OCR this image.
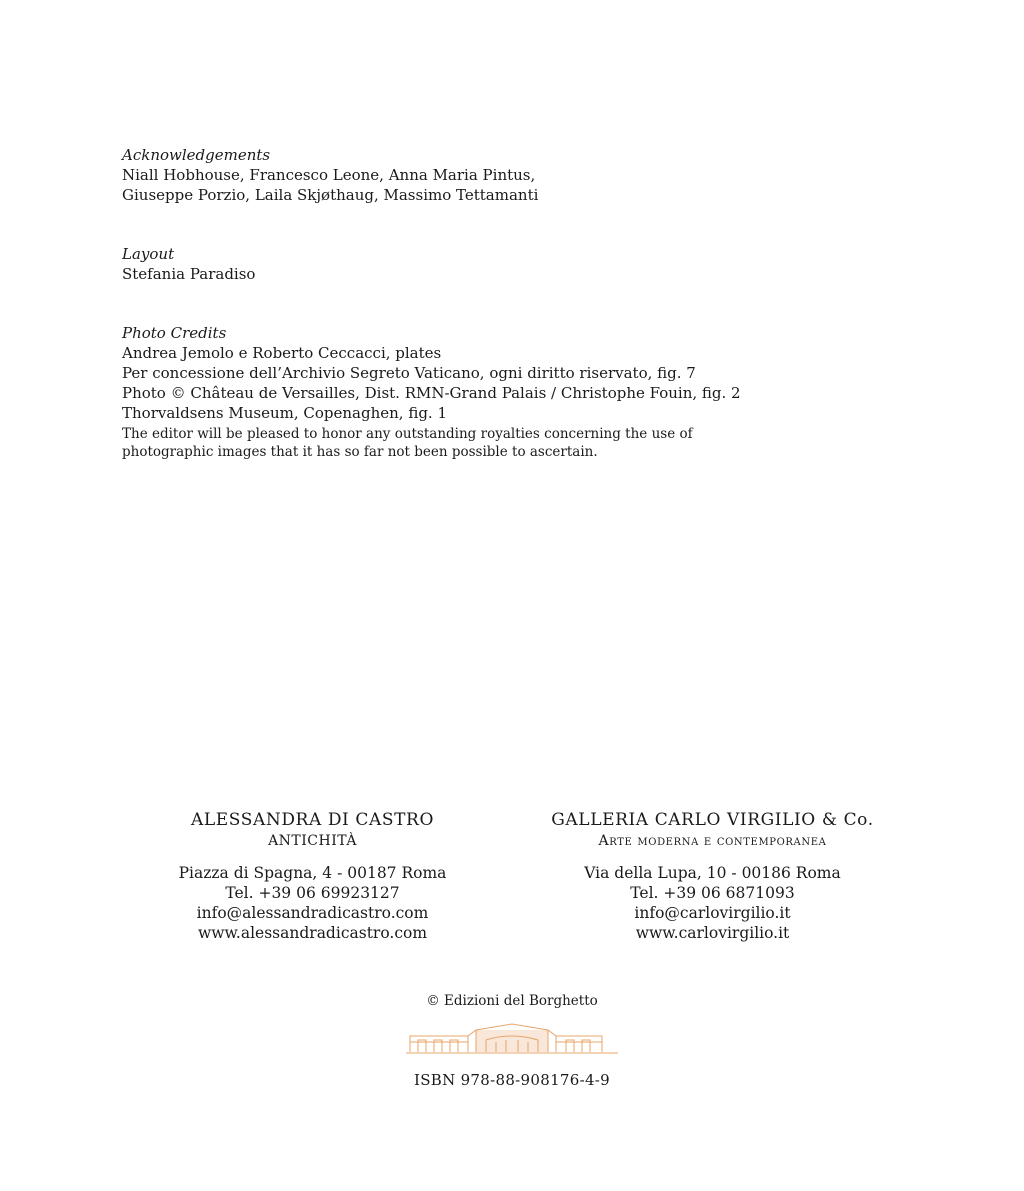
Acknowledgements
Niall Hobhouse, Francesco Leone, Anna Maria Pintus,
Giuseppe Porzio, Laila Skjøthaug, Massimo Tettamanti
Layout
Stefania Paradiso
Photo Credits
Andrea Jemolo e Roberto Ceccacci, plates
Per concessione dell’Archivio Segreto Vaticano, ogni diritto riservato, fig. 7
Photo © Château de Versailles, Dist. RMN-Grand Palais / Christophe Fouin, fig. 2
Thorvaldsens Museum, Copenaghen, fig. 1
The editor will be pleased to honor any outstanding royalties concerning the use of
photographic images that it has so far not been possible to ascertain.
ALESSANDRA DI CASTRO
ANTICHITÀ
Piazza di Spagna, 4 - 00187 Roma
Tel. +39 06 69923127
info@alessandradicastro.com
www.alessandradicastro.com
GALLERIA CARLO VIRGILIO & Co.
Arte moderna e contemporanea
Via della Lupa, 10 - 00186 Roma
Tel. +39 06 6871093
info@carlovirgilio.it
www.carlovirgilio.it
© Edizioni del Borghetto
ISBN 978-88-908176-4-9
